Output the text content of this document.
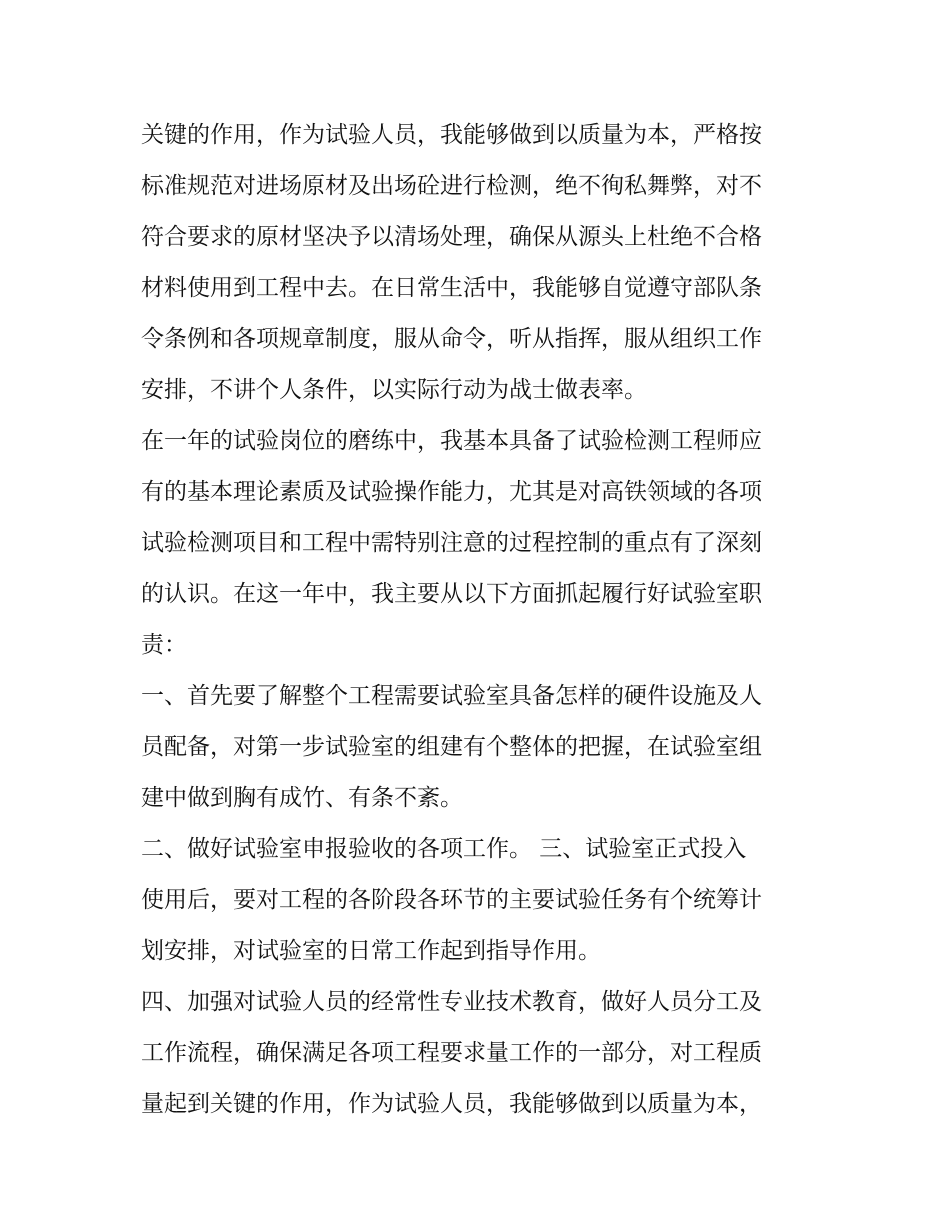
关键的作用，作为试验人员，我能够做到以质量为本，严格按
标准规范对进场原材及出场砼进行检测，绝不徇私舞弊，对不
符合要求的原材坚决予以清场处理，确保从源头上杜绝不合格
材料使用到工程中去。在日常生活中，我能够自觉遵守部队条
令条例和各项规章制度，服从命令，听从指挥，服从组织工作
安排，不讲个人条件，以实际行动为战士做表率。
在一年的试验岗位的磨练中，我基本具备了试验检测工程师应
有的基本理论素质及试验操作能力，尤其是对高铁领域的各项
试验检测项目和工程中需特别注意的过程控制的重点有了深刻
的认识。在这一年中，我主要从以下方面抓起履行好试验室职
责：
一、首先要了解整个工程需要试验室具备怎样的硬件设施及人
员配备，对第一步试验室的组建有个整体的把握，在试验室组
建中做到胸有成竹、有条不紊。
二、做好试验室申报验收的各项工作。 三、试验室正式投入
使用后，要对工程的各阶段各环节的主要试验任务有个统筹计
划安排，对试验室的日常工作起到指导作用。
四、加强对试验人员的经常性专业技术教育，做好人员分工及
工作流程，确保满足各项工程要求量工作的一部分，对工程质
量起到关键的作用，作为试验人员，我能够做到以质量为本，
